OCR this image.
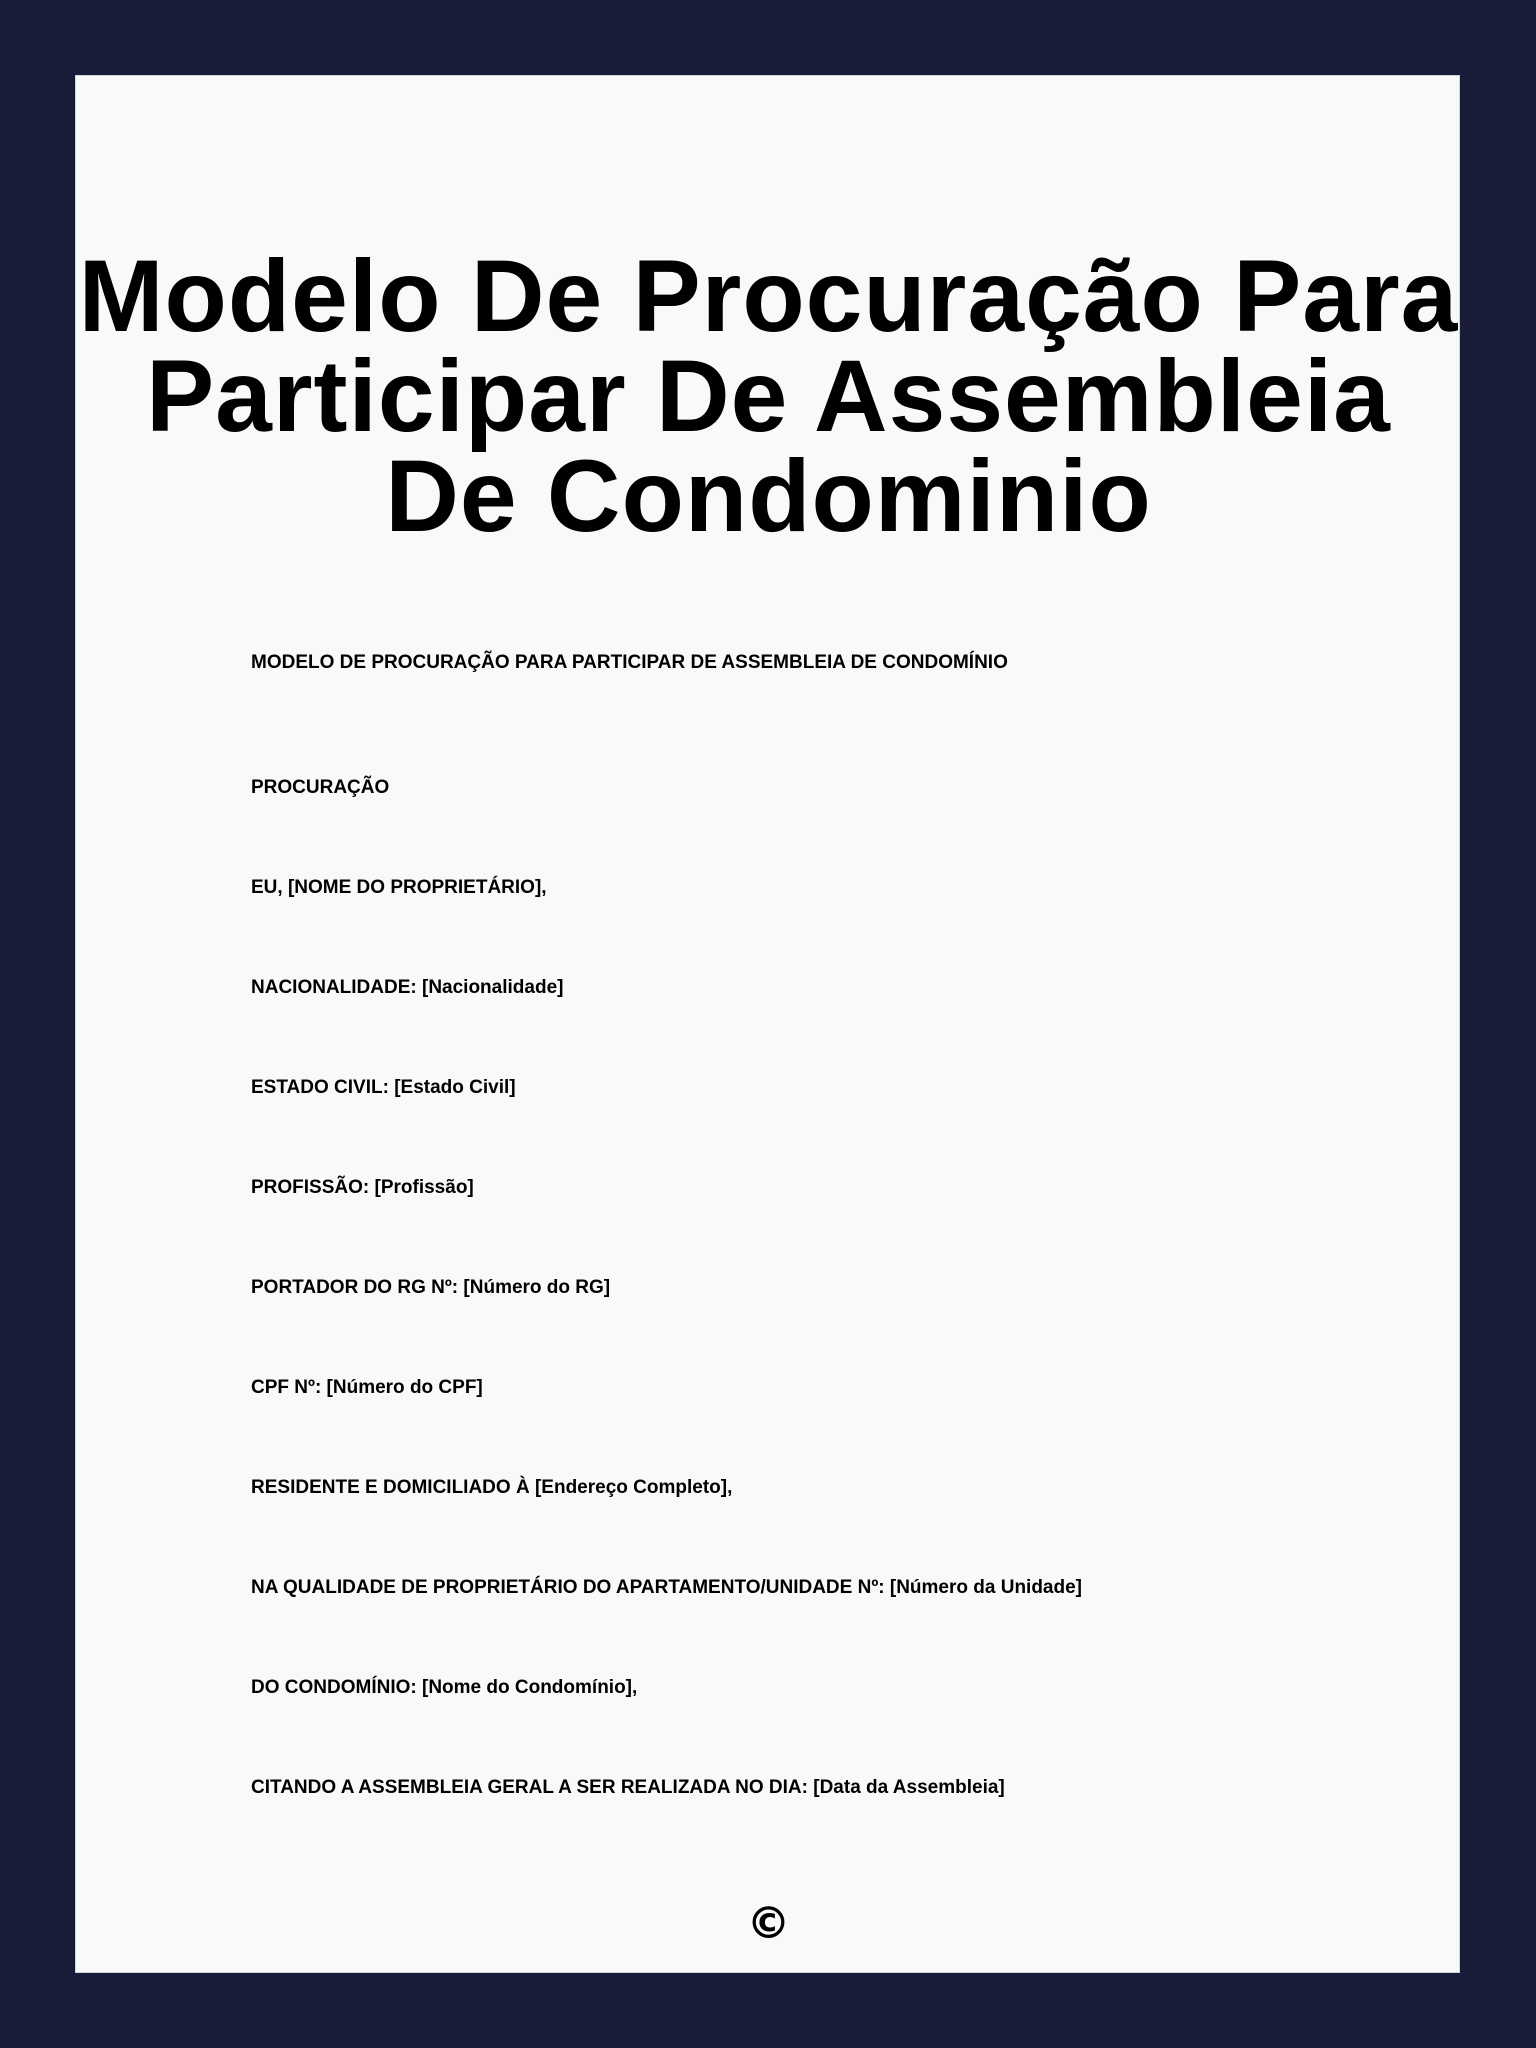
Modelo De Procuração Para Participar De Assembleia De Condominio

MODELO DE PROCURAÇÃO PARA PARTICIPAR DE ASSEMBLEIA DE CONDOMÍNIO

PROCURAÇÃO

EU, [NOME DO PROPRIETÁRIO],

NACIONALIDADE: [Nacionalidade]

ESTADO CIVIL: [Estado Civil]

PROFISSÃO: [Profissão]

PORTADOR DO RG Nº: [Número do RG]

CPF Nº: [Número do CPF]

RESIDENTE E DOMICILIADO À [Endereço Completo],

NA QUALIDADE DE PROPRIETÁRIO DO APARTAMENTO/UNIDADE Nº: [Número da Unidade]

DO CONDOMÍNIO: [Nome do Condomínio],

CITANDO A ASSEMBLEIA GERAL A SER REALIZADA NO DIA: [Data da Assembleia]

©
